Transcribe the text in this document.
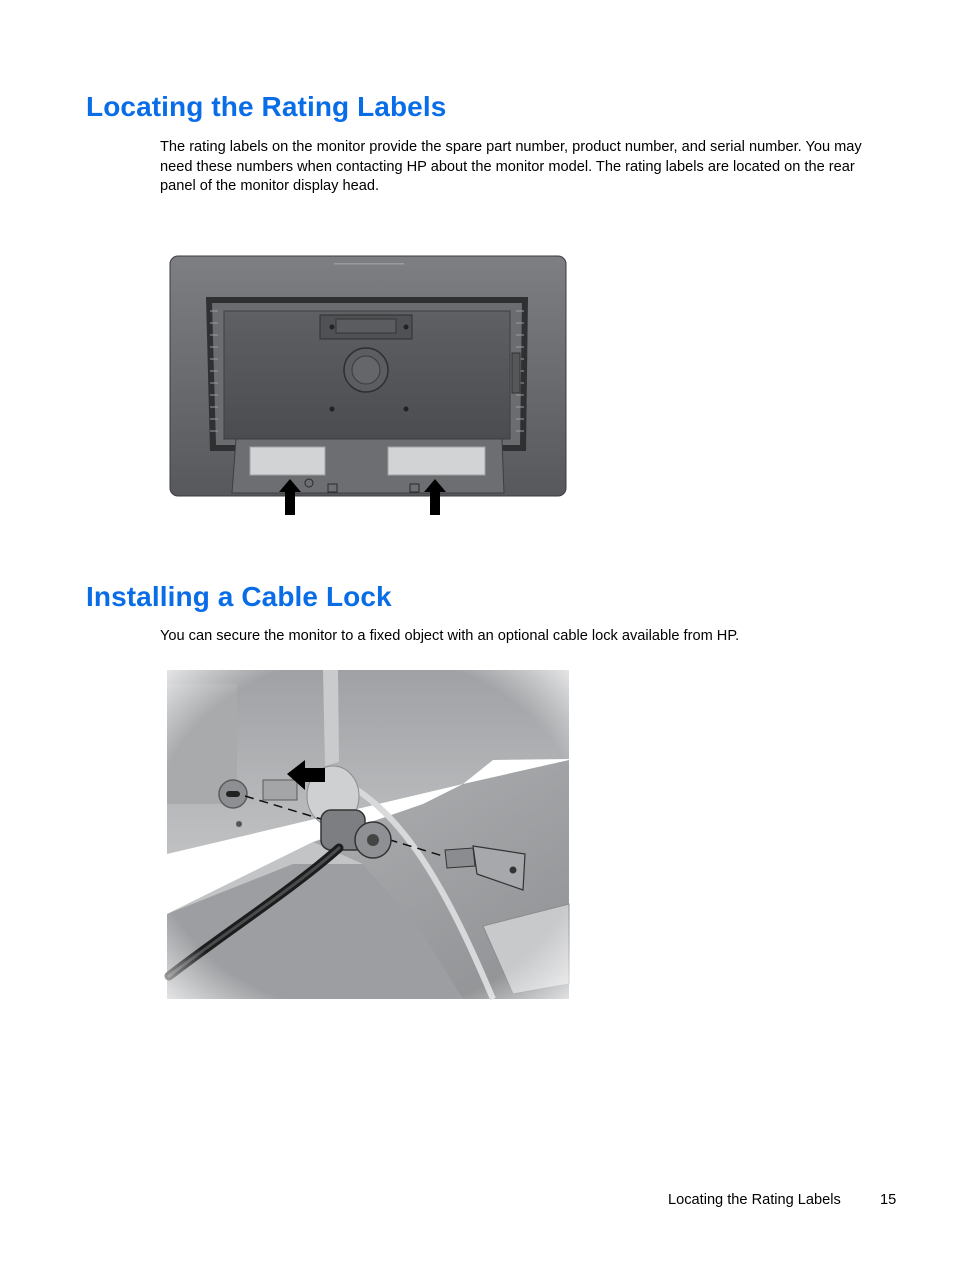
Locating the Rating Labels

The rating labels on the monitor provide the spare part number, product number, and serial number. You may need these numbers when contacting HP about the monitor model. The rating labels are located on the rear panel of the monitor display head.

Installing a Cable Lock

You can secure the monitor to a fixed object with an optional cable lock available from HP.

Locating the Rating Labels	15
